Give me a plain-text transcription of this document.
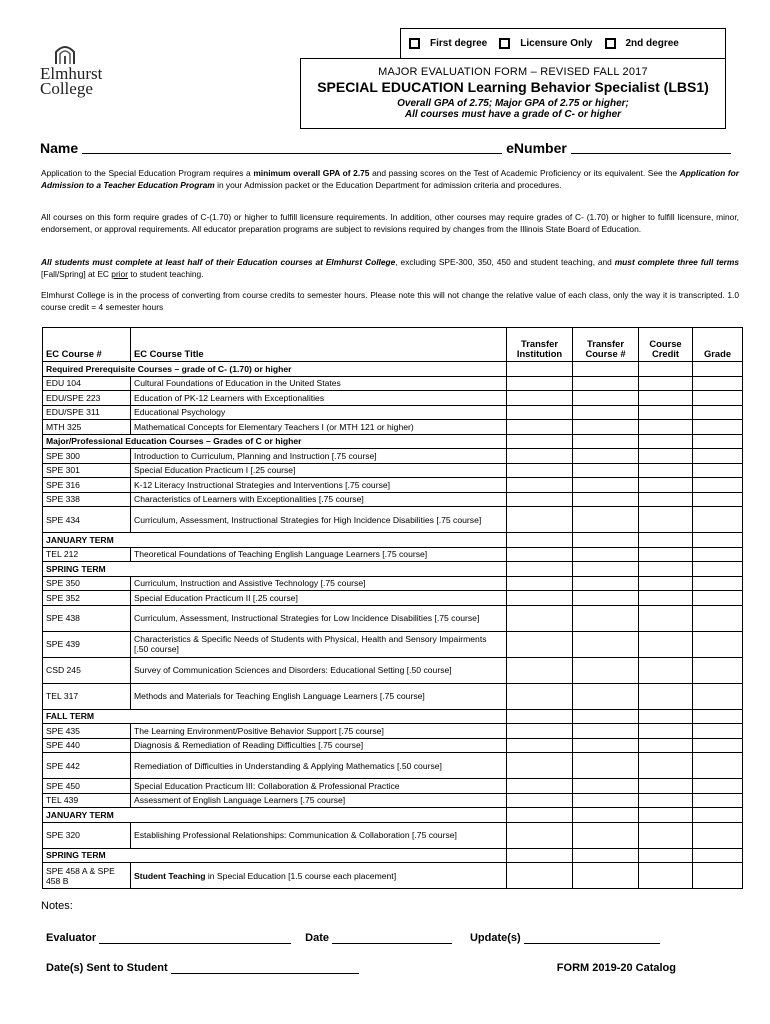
Elmhurst
College
First degree	Licensure Only	2nd degree
MAJOR EVALUATION FORM – REVISED FALL 2017
SPECIAL EDUCATION Learning Behavior Specialist (LBS1)
Overall GPA of 2.75; Major GPA of 2.75 or higher;
All courses must have a grade of C- or higher
Name	eNumber
Application to the Special Education Program requires a minimum overall GPA of 2.75 and passing scores on the Test of Academic Proficiency or its equivalent. See the Application for Admission to a Teacher Education Program in your Admission packet or the Education Department for admission criteria and procedures.
All courses on this form require grades of C-(1.70) or higher to fulfill licensure requirements. In addition, other courses may require grades of C- (1.70) or higher to fulfill licensure, minor, endorsement, or approval requirements. All educator preparation programs are subject to revisions required by changes from the Illinois State Board of Education.
All students must complete at least half of their Education courses at Elmhurst College, excluding SPE-300, 350, 450 and student teaching, and must complete three full terms [Fall/Spring] at EC prior to student teaching.
Elmhurst College is in the process of converting from course credits to semester hours. Please note this will not change the relative value of each class, only the way it is transcripted. 1.0 course credit = 4 semester hours
EC Course #	EC Course Title	Transfer Institution	Transfer Course #	Course Credit	Grade
Required Prerequisite Courses – grade of C- (1.70) or higher					
EDU 104	Cultural Foundations of Education in the United States				
EDU/SPE 223	Education of PK-12 Learners with Exceptionalities				
EDU/SPE 311	Educational Psychology				
MTH 325	Mathematical Concepts for Elementary Teachers I (or MTH 121 or higher)				
Major/Professional Education Courses – Grades of C or higher					
SPE 300	Introduction to Curriculum, Planning and Instruction [.75 course]				
SPE 301	Special Education Practicum I [.25 course]				
SPE 316	K-12 Literacy Instructional Strategies and Interventions [.75 course]				
SPE 338	Characteristics of Learners with Exceptionalities [.75 course]				
SPE 434	Curriculum, Assessment, Instructional Strategies for High Incidence Disabilities [.75 course]				
JANUARY TERM					
TEL 212	Theoretical Foundations of Teaching English Language Learners [.75 course]				
SPRING TERM					
SPE 350	Curriculum, Instruction and Assistive Technology [.75 course]				
SPE 352	Special Education Practicum II [.25 course]				
SPE 438	Curriculum, Assessment, Instructional Strategies for Low Incidence Disabilities [.75 course]				
SPE 439	Characteristics & Specific Needs of Students with Physical, Health and Sensory Impairments [.50 course]				
CSD 245	Survey of Communication Sciences and Disorders: Educational Setting [.50 course]				
TEL 317	Methods and Materials for Teaching English Language Learners [.75 course]				
FALL TERM					
SPE 435	The Learning Environment/Positive Behavior Support [.75 course]				
SPE 440	Diagnosis & Remediation of Reading Difficulties [.75 course]				
SPE 442	Remediation of Difficulties in Understanding & Applying Mathematics [.50 course]				
SPE 450	Special Education Practicum III: Collaboration & Professional Practice				
TEL 439	Assessment of English Language Learners [.75 course]				
JANUARY TERM					
SPE 320	Establishing Professional Relationships: Communication & Collaboration [.75 course]				
SPRING TERM					
SPE 458 A & SPE 458 B	Student Teaching in Special Education [1.5 course each placement]				
Notes:
Evaluator	Date	Update(s)
Date(s) Sent to Student	FORM 2019-20 Catalog
